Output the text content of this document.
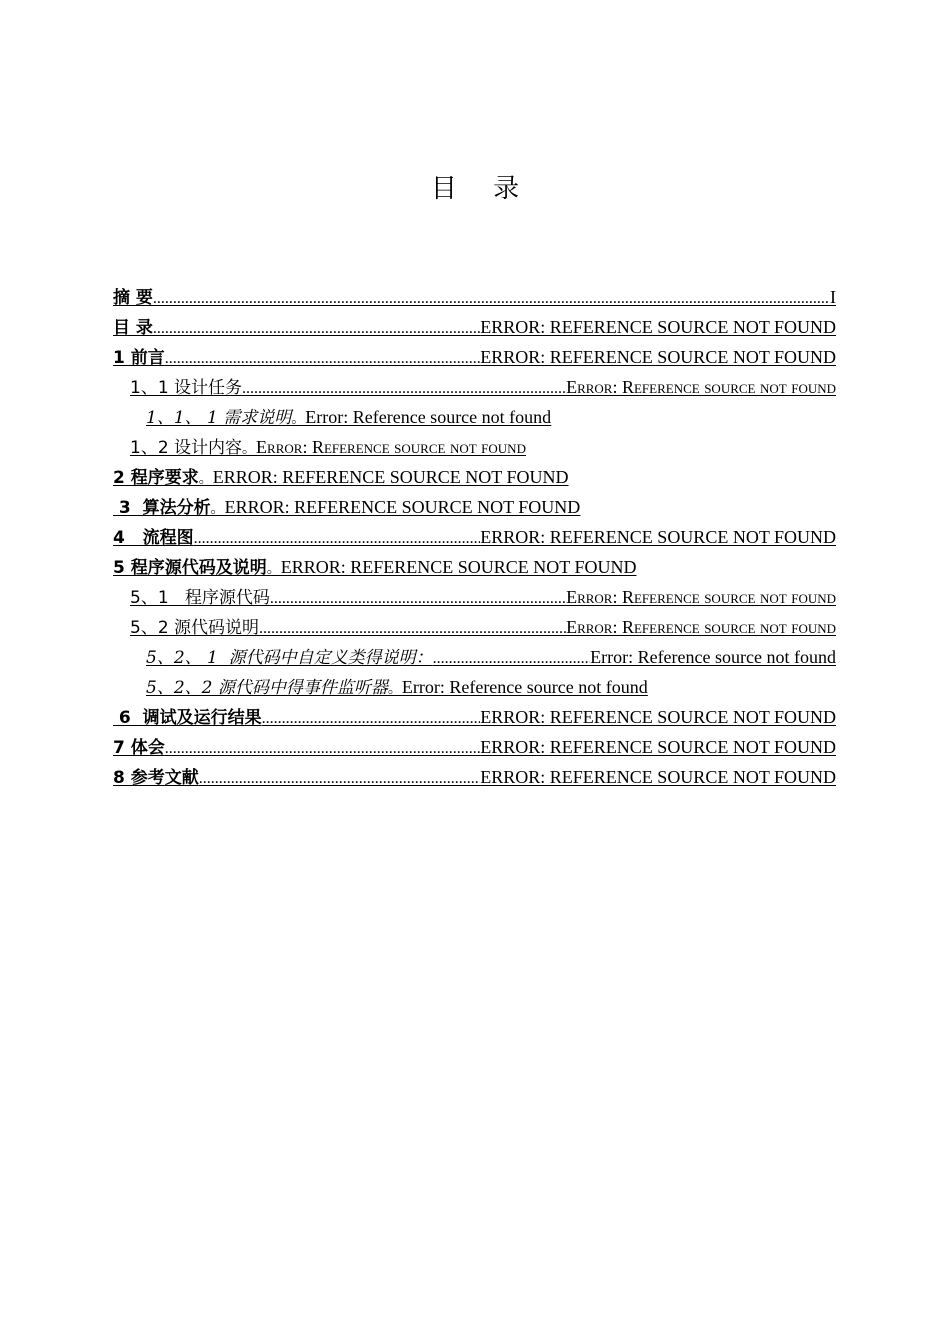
目 录
摘 要 .....	I
目 录 .....	ERROR: REFERENCE SOURCE NOT FOUND
1 前言 .....	ERROR: REFERENCE SOURCE NOT FOUND
1、1 设计任务 .....	Error: Reference source not found
1、1、 1 需求说明 。 Error: Reference source not found
1、2 设计内容 。 Error: Reference source not found
2 程序要求 。 ERROR: REFERENCE SOURCE NOT FOUND
3  算法分析 。 ERROR: REFERENCE SOURCE NOT FOUND
4   流程图 .....	ERROR: REFERENCE SOURCE NOT FOUND
5 程序源代码及说明 。 ERROR: REFERENCE SOURCE NOT FOUND
5、1   程序源代码 .....	Error: Reference source not found
5、2 源代码说明 .....	Error: Reference source not found
5、2、 1  源代码中自定义类得说明： .....	Error: Reference source not found
5、2、2 源代码中得事件监听器 。 Error: Reference source not found
6  调试及运行结果 .....	ERROR: REFERENCE SOURCE NOT FOUND
7 体会 .....	ERROR: REFERENCE SOURCE NOT FOUND
8 参考文献 .....	ERROR: REFERENCE SOURCE NOT FOUND
